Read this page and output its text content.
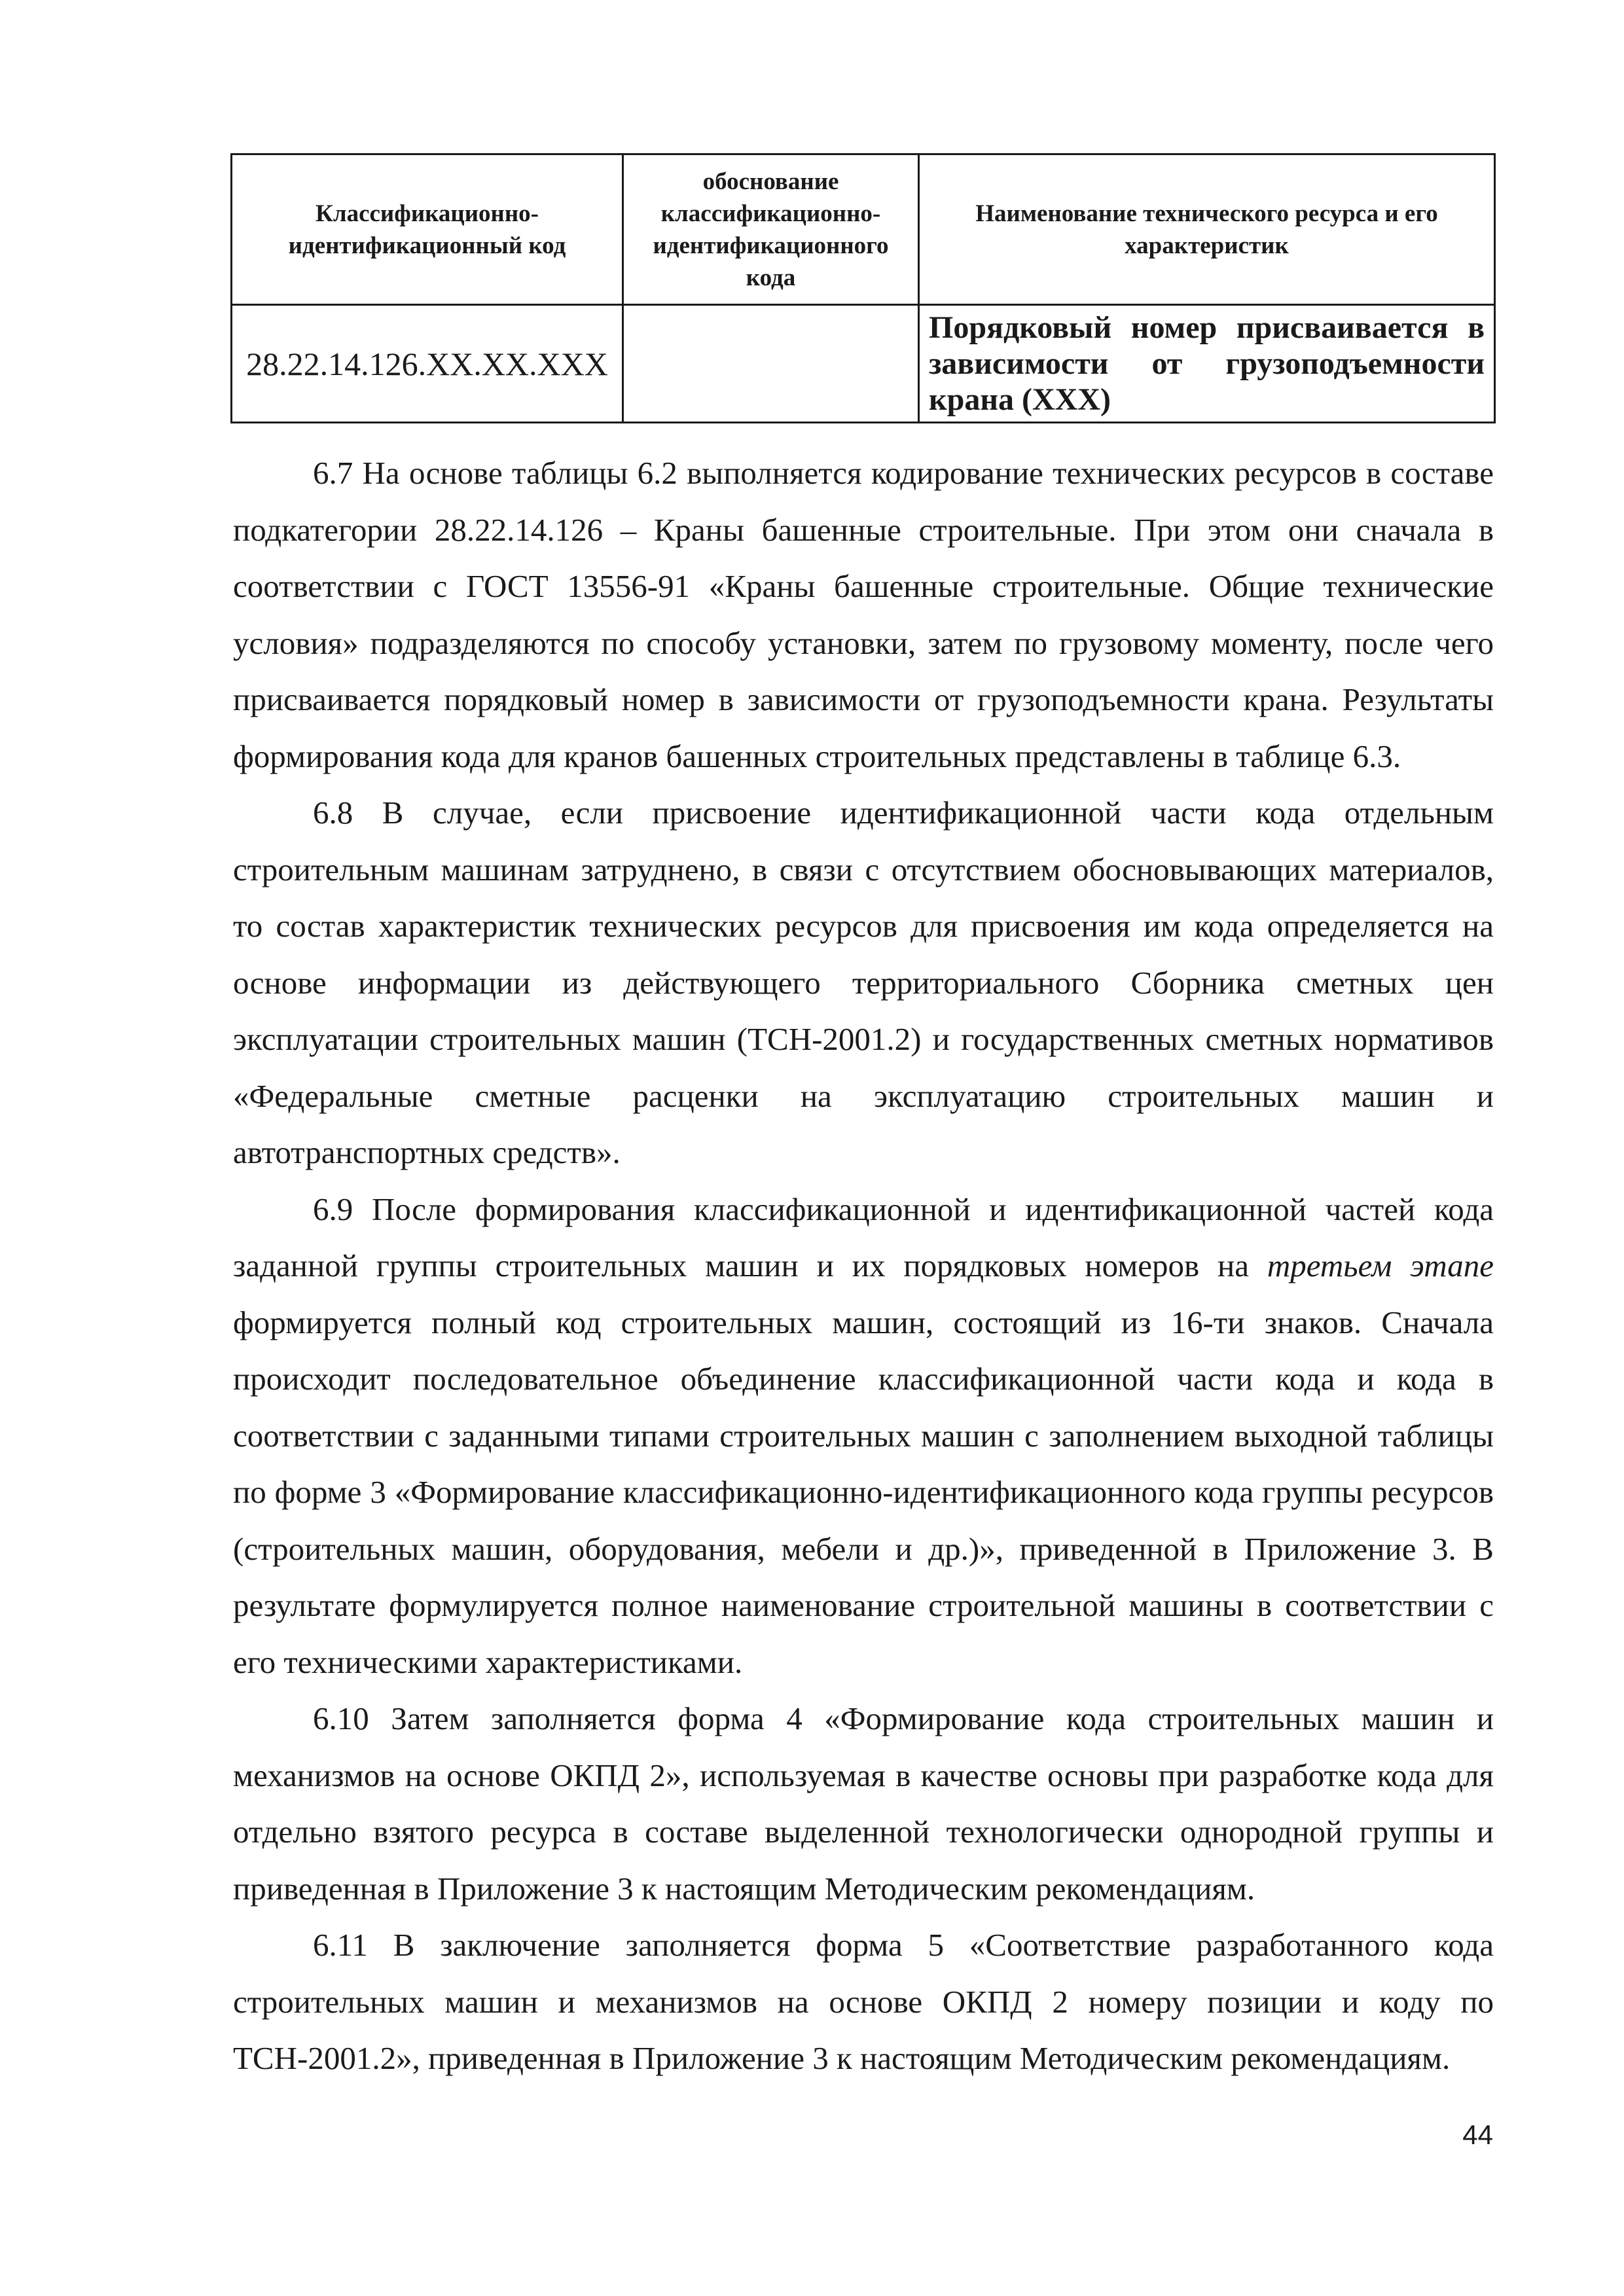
Классификационно-идентификационный код	обоснование классификационно-идентификационного кода	Наименование технического ресурса и его характеристик
28.22.14.126.ХХ.ХХ.ХХХ		Порядковый номер присваивается в зависимости от грузоподъемности крана (ХХХ)

6.7 На основе таблицы 6.2 выполняется кодирование технических ресурсов в составе подкатегории 28.22.14.126 – Краны башенные строительные. При этом они сначала в соответствии с ГОСТ 13556-91 «Краны башенные строительные. Общие технические условия» подразделяются по способу установки, затем по грузовому моменту, после чего присваивается порядковый номер в зависимости от грузоподъемности крана. Результаты формирования кода для кранов башенных строительных представлены в таблице 6.3.

6.8 В случае, если присвоение идентификационной части кода отдельным строительным машинам затруднено, в связи с отсутствием обосновывающих материалов, то состав характеристик технических ресурсов для присвоения им кода определяется на основе информации из действующего территориального Сборника сметных цен эксплуатации строительных машин (ТСН-2001.2) и государственных сметных нормативов «Федеральные сметные расценки на эксплуатацию строительных машин и автотранспортных средств».

6.9 После формирования классификационной и идентификационной частей кода заданной группы строительных машин и их порядковых номеров на третьем этапе формируется полный код строительных машин, состоящий из 16-ти знаков. Сначала происходит последовательное объединение классификационной части кода и кода в соответствии с заданными типами строительных машин с заполнением выходной таблицы по форме 3 «Формирование классификационно-идентификационного кода группы ресурсов (строительных машин, оборудования, мебели и др.)», приведенной в Приложение 3. В результате формулируется полное наименование строительной машины в соответствии с его техническими характеристиками.

6.10 Затем заполняется форма 4 «Формирование кода строительных машин и механизмов на основе ОКПД 2», используемая в качестве основы при разработке кода для отдельно взятого ресурса в составе выделенной технологически однородной группы и приведенная в Приложение 3 к настоящим Методическим рекомендациям.

6.11 В заключение заполняется форма 5 «Соответствие разработанного кода строительных машин и механизмов на основе ОКПД 2 номеру позиции и коду по ТСН-2001.2», приведенная в Приложение 3 к настоящим Методическим рекомендациям.

44
